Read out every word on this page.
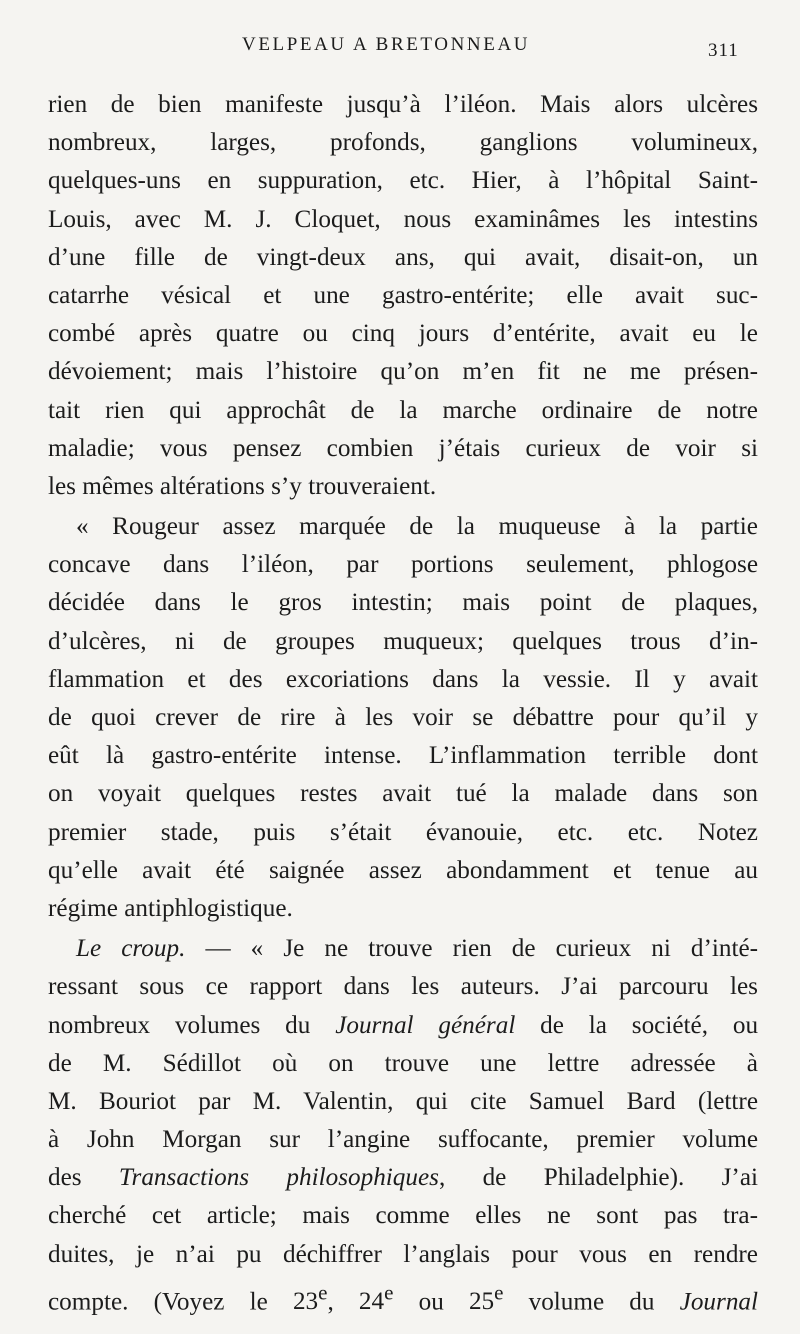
VELPEAU A BRETONNEAU	311
rien de bien manifeste jusqu’à l’iléon. Mais alors ulcères
nombreux, larges, profonds, ganglions volumineux,
quelques-uns en suppuration, etc. Hier, à l’hôpital Saint-
Louis, avec M. J. Cloquet, nous examinâmes les intestins
d’une fille de vingt-deux ans, qui avait, disait-on, un
catarrhe vésical et une gastro-entérite; elle avait suc-
combé après quatre ou cinq jours d’entérite, avait eu le
dévoiement; mais l’histoire qu’on m’en fit ne me présen-
tait rien qui approchât de la marche ordinaire de notre
maladie; vous pensez combien j’étais curieux de voir si
les mêmes altérations s’y trouveraient.
« Rougeur assez marquée de la muqueuse à la partie
concave dans l’iléon, par portions seulement, phlogose
décidée dans le gros intestin; mais point de plaques,
d’ulcères, ni de groupes muqueux; quelques trous d’in-
flammation et des excoriations dans la vessie. Il y avait
de quoi crever de rire à les voir se débattre pour qu’il y
eût là gastro-entérite intense. L’inflammation terrible dont
on voyait quelques restes avait tué la malade dans son
premier stade, puis s’était évanouie, etc. etc. Notez
qu’elle avait été saignée assez abondamment et tenue au
régime antiphlogistique.
Le croup. — « Je ne trouve rien de curieux ni d’inté-
ressant sous ce rapport dans les auteurs. J’ai parcouru les
nombreux volumes du Journal général de la société, ou
de M. Sédillot où on trouve une lettre adressée à
M. Bouriot par M. Valentin, qui cite Samuel Bard (lettre
à John Morgan sur l’angine suffocante, premier volume
des Transactions philosophiques, de Philadelphie). J’ai
cherché cet article; mais comme elles ne sont pas tra-
duites, je n’ai pu déchiffrer l’anglais pour vous en rendre
compte. (Voyez le 23e, 24e ou 25e volume du Journal
